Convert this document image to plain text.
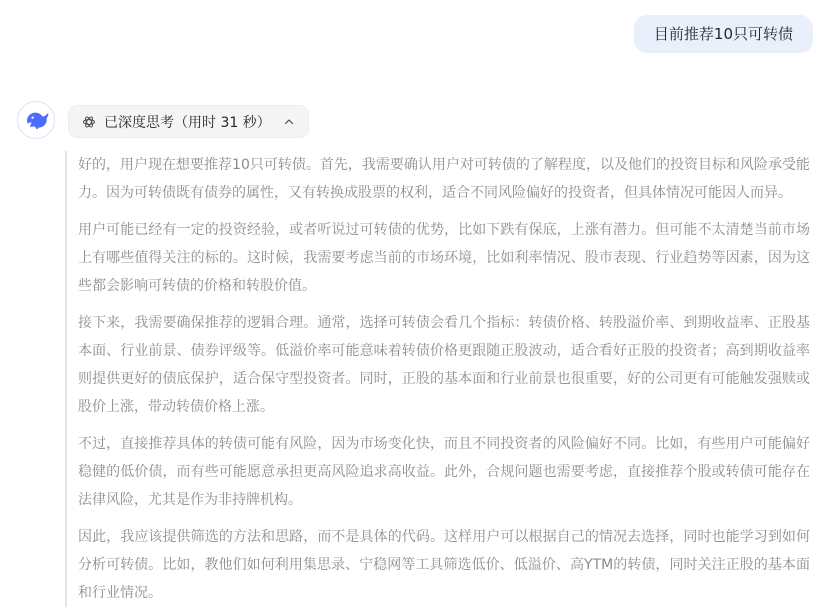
目前推荐10只可转债
已深度思考（用时 31 秒）

好的，用户现在想要推荐10只可转债。首先，我需要确认用户对可转债的了解程度，以及他们的投资目标和风险承受能力。因为可转债既有债券的属性，又有转换成股票的权利，适合不同风险偏好的投资者，但具体情况可能因人而异。

用户可能已经有一定的投资经验，或者听说过可转债的优势，比如下跌有保底，上涨有潜力。但可能不太清楚当前市场上有哪些值得关注的标的。这时候，我需要考虑当前的市场环境，比如利率情况、股市表现、行业趋势等因素，因为这些都会影响可转债的价格和转股价值。

接下来，我需要确保推荐的逻辑合理。通常，选择可转债会看几个指标：转债价格、转股溢价率、到期收益率、正股基本面、行业前景、债券评级等。低溢价率可能意味着转债价格更跟随正股波动，适合看好正股的投资者；高到期收益率则提供更好的债底保护，适合保守型投资者。同时，正股的基本面和行业前景也很重要，好的公司更有可能触发强赎或股价上涨，带动转债价格上涨。

不过，直接推荐具体的转债可能有风险，因为市场变化快，而且不同投资者的风险偏好不同。比如，有些用户可能偏好稳健的低价债，而有些可能愿意承担更高风险追求高收益。此外，合规问题也需要考虑，直接推荐个股或转债可能存在法律风险，尤其是作为非持牌机构。

因此，我应该提供筛选的方法和思路，而不是具体的代码。这样用户可以根据自己的情况去选择，同时也能学习到如何分析可转债。比如，教他们如何利用集思录、宁稳网等工具筛选低价、低溢价、高YTM的转债，同时关注正股的基本面和行业情况。
